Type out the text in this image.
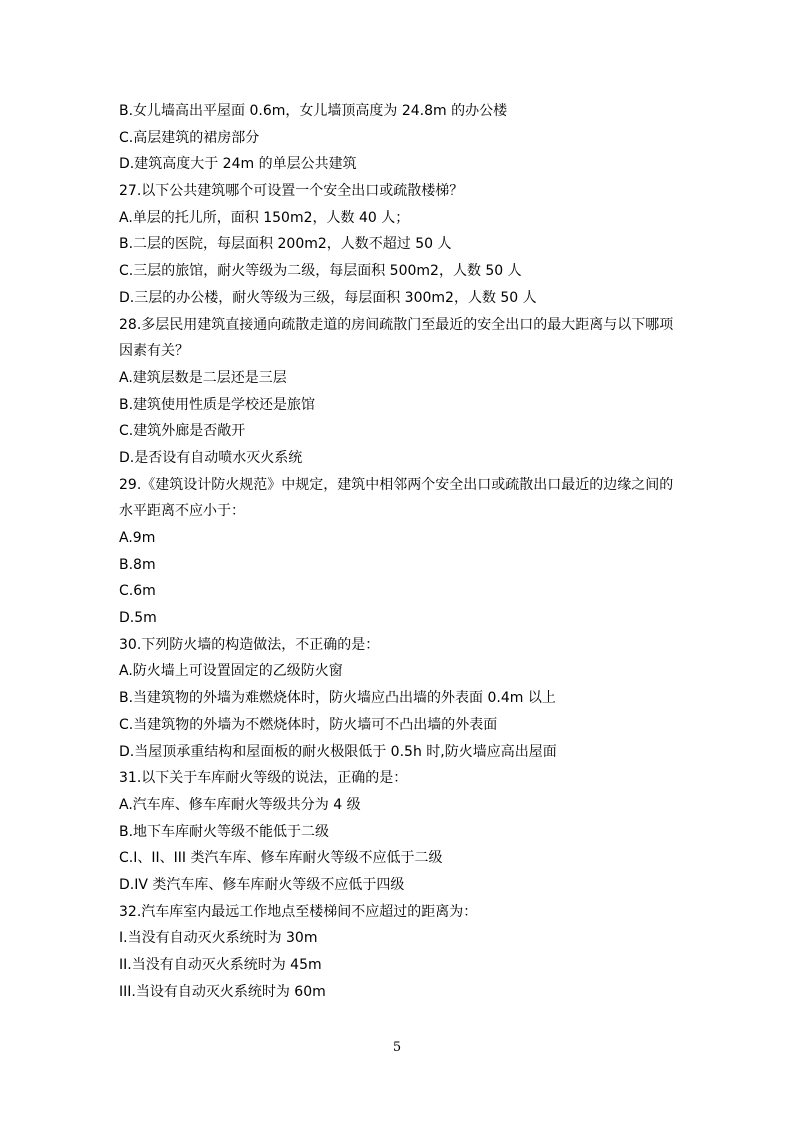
B.女儿墙高出平屋面 0.6m，女儿墙顶高度为 24.8m 的办公楼
C.高层建筑的裙房部分
D.建筑高度大于 24m 的单层公共建筑
27.以下公共建筑哪个可设置一个安全出口或疏散楼梯？
A.单层的托儿所，面积 150m2，人数 40 人；
B.二层的医院，每层面积 200m2，人数不超过 50 人
C.三层的旅馆，耐火等级为二级，每层面积 500m2，人数 50 人
D.三层的办公楼，耐火等级为三级，每层面积 300m2，人数 50 人
28.多层民用建筑直接通向疏散走道的房间疏散门至最近的安全出口的最大距离与以下哪项
因素有关？
A.建筑层数是二层还是三层
B.建筑使用性质是学校还是旅馆
C.建筑外廊是否敞开
D.是否设有自动喷水灭火系统
29.《建筑设计防火规范》中规定，建筑中相邻两个安全出口或疏散出口最近的边缘之间的
水平距离不应小于：
A.9m
B.8m
C.6m
D.5m
30.下列防火墙的构造做法，不正确的是：
A.防火墙上可设置固定的乙级防火窗
B.当建筑物的外墙为难燃烧体时，防火墙应凸出墙的外表面 0.4m 以上
C.当建筑物的外墙为不燃烧体时，防火墙可不凸出墙的外表面
D.当屋顶承重结构和屋面板的耐火极限低于 0.5h 时,防火墙应高出屋面
31.以下关于车库耐火等级的说法，正确的是：
A.汽车库、修车库耐火等级共分为 4 级
B.地下车库耐火等级不能低于二级
C.I、II、III 类汽车库、修车库耐火等级不应低于二级
D.IV 类汽车库、修车库耐火等级不应低于四级
32.汽车库室内最远工作地点至楼梯间不应超过的距离为：
I.当没有自动灭火系统时为 30m
II.当没有自动灭火系统时为 45m
III.当设有自动灭火系统时为 60m
5
